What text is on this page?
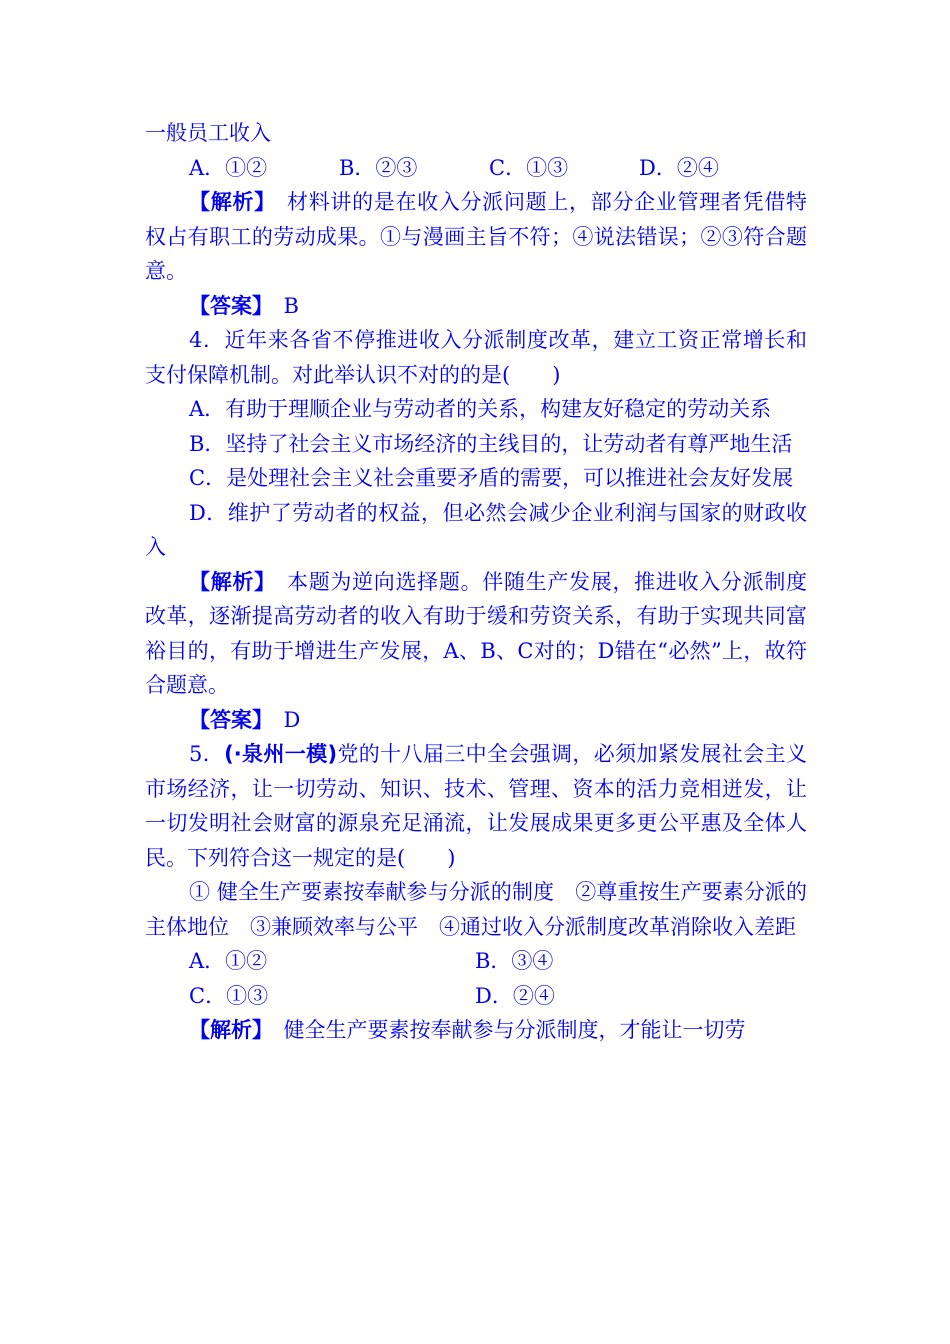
一般员工收入

A．①②	B．②③	C．①③	D．②④

【解析】　材料讲的是在收入分派问题上，部分企业管理者凭借特权占有职工的劳动成果。①与漫画主旨不符；④说法错误；②③符合题意。

【答案】　B

4．近年来各省不停推进收入分派制度改革，建立工资正常增长和支付保障机制。对此举认识不对的的是(　　)

A．有助于理顺企业与劳动者的关系，构建友好稳定的劳动关系

B．坚持了社会主义市场经济的主线目的，让劳动者有尊严地生活

C．是处理社会主义社会重要矛盾的需要，可以推进社会友好发展

D．维护了劳动者的权益，但必然会减少企业利润与国家的财政收入

【解析】　本题为逆向选择题。伴随生产发展，推进收入分派制度改革，逐渐提高劳动者的收入有助于缓和劳资关系，有助于实现共同富裕目的，有助于增进生产发展，A、B、C对的；D错在“必然”上，故符合题意。

【答案】　D

5．(·泉州一模)党的十八届三中全会强调，必须加紧发展社会主义市场经济，让一切劳动、知识、技术、管理、资本的活力竞相迸发，让一切发明社会财富的源泉充足涌流，让发展成果更多更公平惠及全体人民。下列符合这一规定的是(　　)

① 健全生产要素按奉献参与分派的制度　②尊重按生产要素分派的主体地位　③兼顾效率与公平　④通过收入分派制度改革消除收入差距

A．①②	B．③④
C．①③	D．②④

【解析】　健全生产要素按奉献参与分派制度，才能让一切劳
